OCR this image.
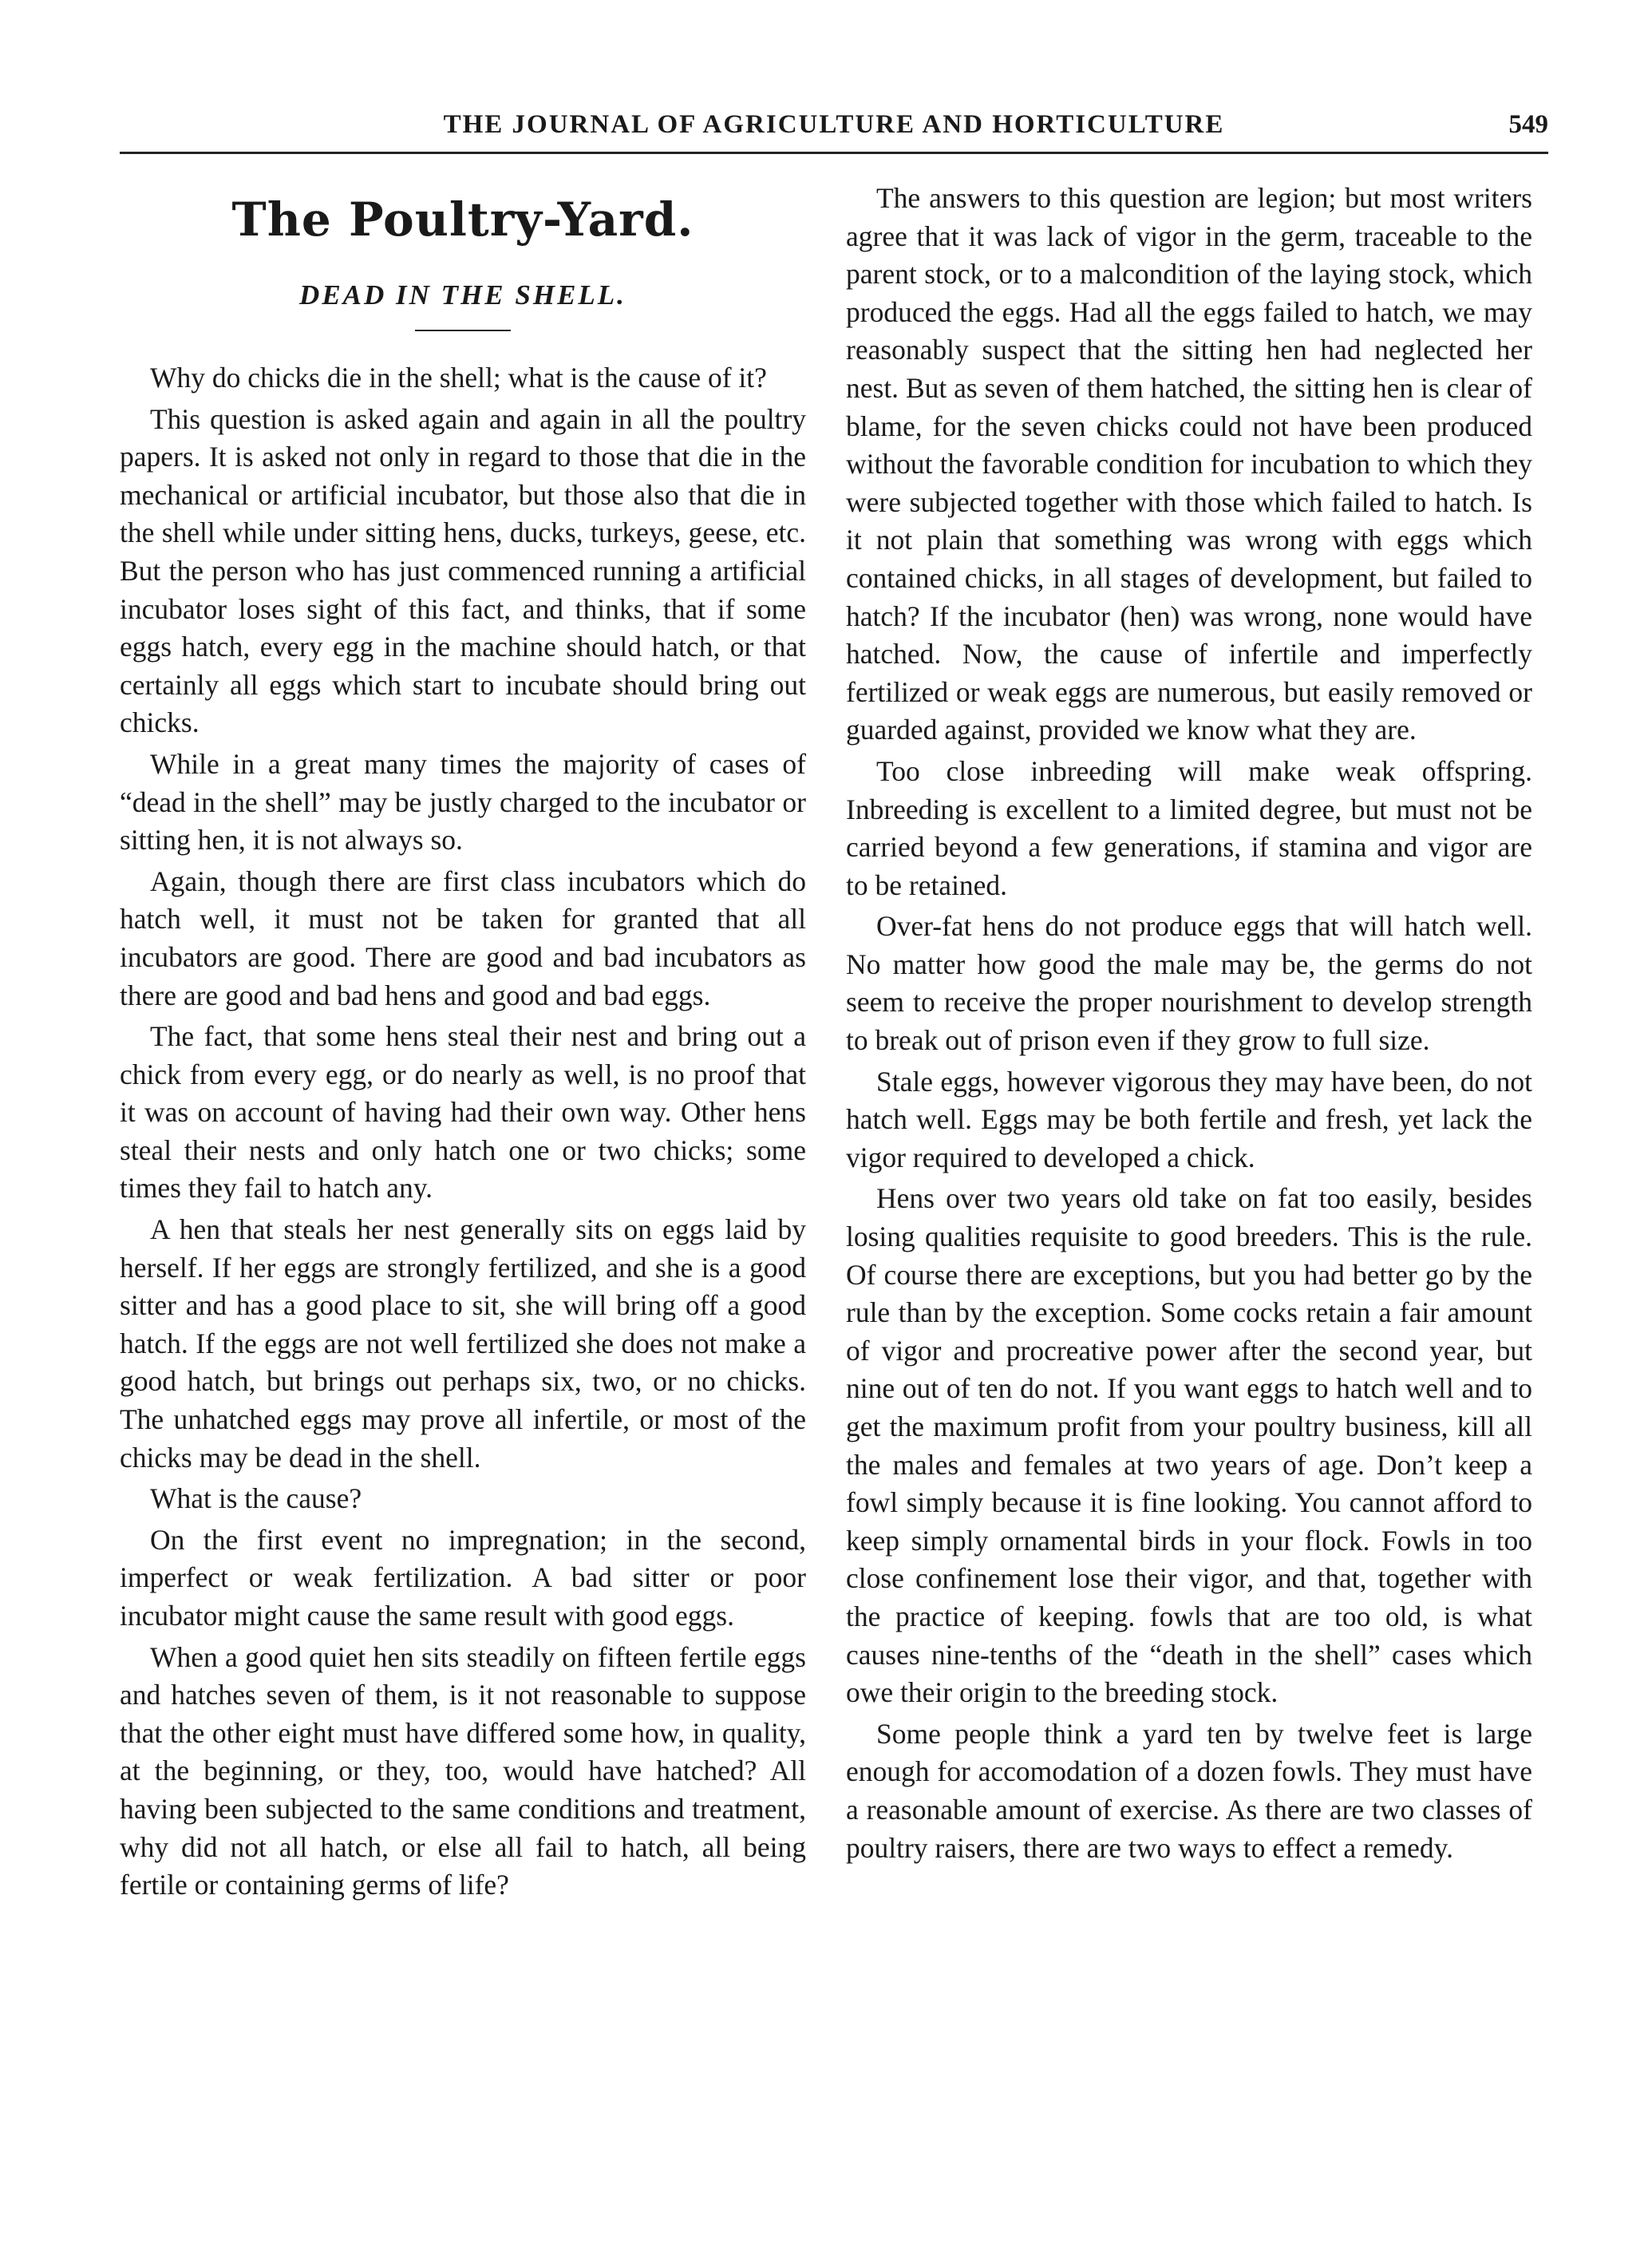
THE JOURNAL OF AGRICULTURE AND HORTICULTURE	549
The Poultry-Yard.
DEAD IN THE SHELL.

Why do chicks die in the shell; what is the cause of it?

This question is asked again and again in all the poultry papers. It is asked not only in regard to those that die in the mechanical or artificial incubator, but those also that die in the shell while under sitting hens, ducks, turkeys, geese, etc. But the person who has just commenced running a artificial incubator loses sight of this fact, and thinks, that if some eggs hatch, every egg in the machine should hatch, or that certainly all eggs which start to incubate should bring out chicks.

While in a great many times the majority of cases of “dead in the shell” may be justly charged to the incubator or sitting hen, it is not always so.

Again, though there are first class incubators which do hatch well, it must not be taken for granted that all incubators are good. There are good and bad incubators as there are good and bad hens and good and bad eggs.

The fact, that some hens steal their nest and bring out a chick from every egg, or do nearly as well, is no proof that it was on account of having had their own way. Other hens steal their nests and only hatch one or two chicks; some times they fail to hatch any.

A hen that steals her nest generally sits on eggs laid by herself. If her eggs are strongly fertilized, and she is a good sitter and has a good place to sit, she will bring off a good hatch. If the eggs are not well fertilized she does not make a good hatch, but brings out perhaps six, two, or no chicks. The unhatched eggs may prove all infertile, or most of the chicks may be dead in the shell.

What is the cause?

On the first event no impregnation; in the second, imperfect or weak fertilization. A bad sitter or poor incubator might cause the same result with good eggs.

When a good quiet hen sits steadily on fifteen fertile eggs and hatches seven of them, is it not reasonable to suppose that the other eight must have differed some how, in quality, at the beginning, or they, too, would have hatched? All having been subjected to the same conditions and treatment, why did not all hatch, or else all fail to hatch, all being fertile or containing germs of life?

The answers to this question are legion; but most writers agree that it was lack of vigor in the germ, traceable to the parent stock, or to a malcondition of the laying stock, which produced the eggs. Had all the eggs failed to hatch, we may reasonably suspect that the sitting hen had neglected her nest. But as seven of them hatched, the sitting hen is clear of blame, for the seven chicks could not have been produced without the favorable condition for incubation to which they were subjected together with those which failed to hatch. Is it not plain that something was wrong with eggs which contained chicks, in all stages of development, but failed to hatch? If the incubator (hen) was wrong, none would have hatched. Now, the cause of infertile and imperfectly fertilized or weak eggs are numerous, but easily removed or guarded against, provided we know what they are.

Too close inbreeding will make weak offspring. Inbreeding is excellent to a limited degree, but must not be carried beyond a few generations, if stamina and vigor are to be retained.

Over-fat hens do not produce eggs that will hatch well. No matter how good the male may be, the germs do not seem to receive the proper nourishment to develop strength to break out of prison even if they grow to full size.

Stale eggs, however vigorous they may have been, do not hatch well. Eggs may be both fertile and fresh, yet lack the vigor required to developed a chick.

Hens over two years old take on fat too easily, besides losing qualities requisite to good breeders. This is the rule. Of course there are exceptions, but you had better go by the rule than by the exception. Some cocks retain a fair amount of vigor and procreative power after the second year, but nine out of ten do not. If you want eggs to hatch well and to get the maximum profit from your poultry business, kill all the males and females at two years of age. Don’t keep a fowl simply because it is fine looking. You cannot afford to keep simply ornamental birds in your flock. Fowls in too close confinement lose their vigor, and that, together with the practice of keeping. fowls that are too old, is what causes nine-tenths of the “death in the shell” cases which owe their origin to the breeding stock.

Some people think a yard ten by twelve feet is large enough for accomodation of a dozen fowls. They must have a reasonable amount of exercise. As there are two classes of poultry raisers, there are two ways to effect a remedy.
